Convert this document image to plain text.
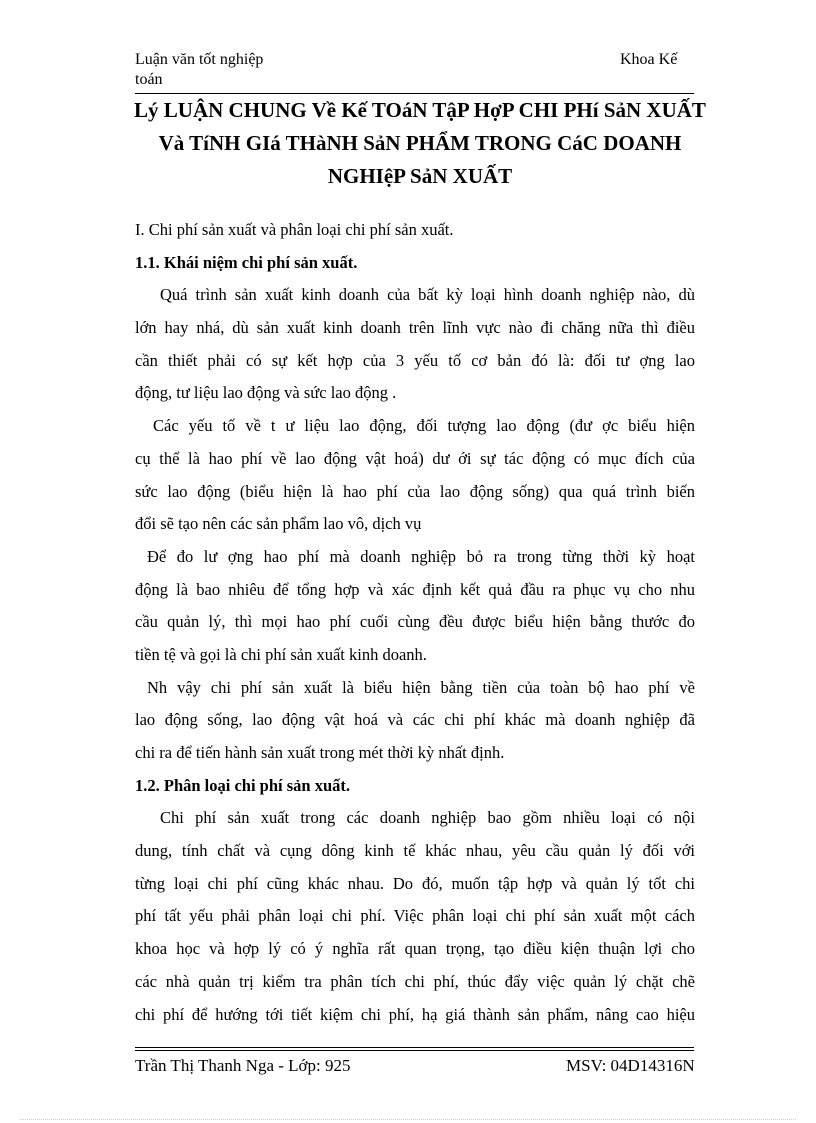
Luận văn tốt nghiệp
toán
Khoa Kế
Lý LUẬN CHUNG Về Kế TOáN TậP HợP CHI PHí SảN XUẤT Và TíNH GIá THàNH SảN PHẨM TRONG CáC DOANH NGHIệP SảN XUẤT
I. Chi phí sản xuất và phân loại chi phí sản xuất.
1.1. Khái niệm chi phí sản xuất.
Quá trình sản xuất kinh doanh của bất kỳ loại hình doanh nghiệp nào, dù
lớn hay nhá, dù sản xuất kinh doanh trên lĩnh vực nào đi chăng nữa thì điều
cần thiết phải có sự kết hợp của 3 yếu tố cơ bản đó là: đối tư ợng lao
động, tư liệu lao động và sức lao động .
Các yếu tố về t ư liệu lao động, đối tượng lao động (đư ợc biểu hiện
cụ thể là hao phí về lao động vật hoá) dư ới sự tác động có mục đích của
sức lao động (biểu hiện là hao phí của lao động sống) qua quá trình biến
đổi sẽ tạo nên các sản phẩm lao vô, dịch vụ
Để đo lư ợng hao phí mà doanh nghiệp bỏ ra trong từng thời kỳ hoạt
động là bao nhiêu để tổng hợp và xác định kết quả đầu ra phục vụ cho nhu
cầu quản lý, thì mọi hao phí cuối cùng đều được biểu hiện bằng thước đo
tiền tệ và gọi là chi phí sản xuất kinh doanh.
Nh vậy chi phí sản xuất là biểu hiện bằng tiền của toàn bộ hao phí về
lao động sống, lao động vật hoá và các chi phí khác mà doanh nghiệp đã
chi ra để tiến hành sản xuất trong mét thời kỳ nhất định.
1.2. Phân loại chi phí sản xuất.
Chi phí sản xuất trong các doanh nghiệp bao gồm nhiều loại có nội
dung, tính chất và cụng dông kinh tế khác nhau, yêu cầu quản lý đối với
từng loại chi phí cũng khác nhau. Do đó, muốn tập hợp và quản lý tốt chi
phí tất yếu phải phân loại chi phí. Việc phân loại chi phí sản xuất một cách
khoa học và hợp lý có ý nghĩa rất quan trọng, tạo điều kiện thuận lợi cho
các nhà quản trị kiểm tra phân tích chi phí, thúc đẩy việc quản lý chặt chẽ
chi phí để hướng tới tiết kiệm chi phí, hạ giá thành sản phẩm, nâng cao hiệu
Trần Thị Thanh Nga - Lớp: 925	MSV: 04D14316N
